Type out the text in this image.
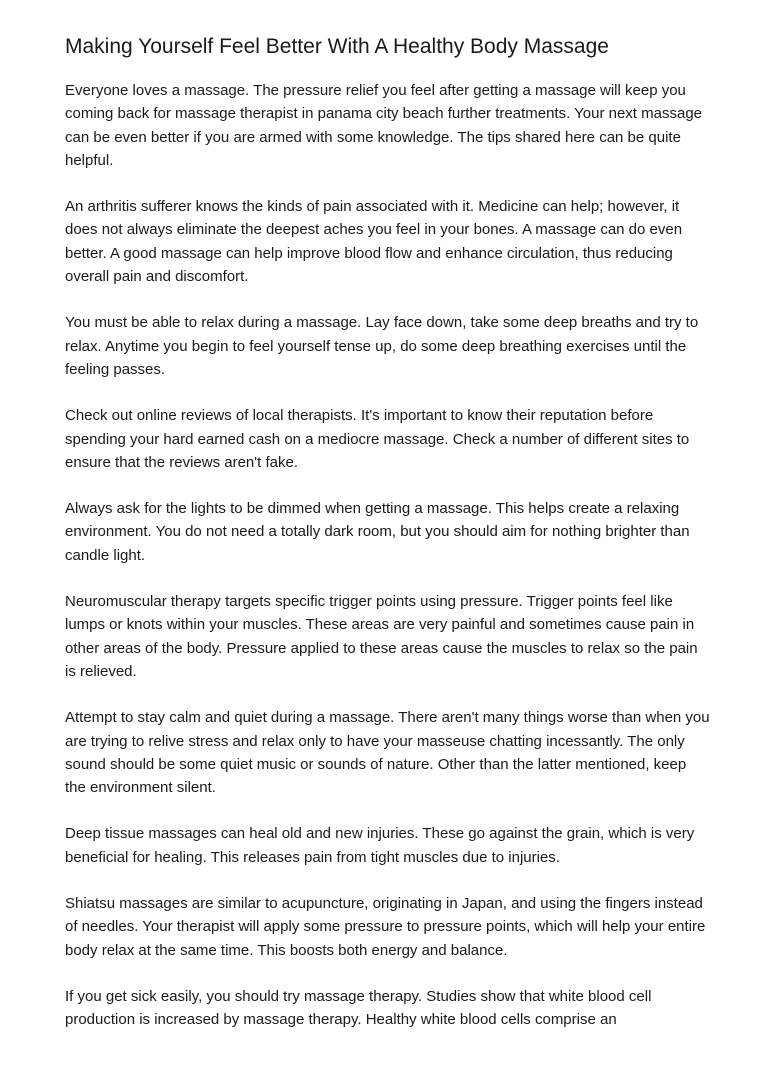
Making Yourself Feel Better With A Healthy Body Massage

Everyone loves a massage. The pressure relief you feel after getting a massage will keep you coming back for massage therapist in panama city beach further treatments. Your next massage can be even better if you are armed with some knowledge. The tips shared here can be quite helpful.

An arthritis sufferer knows the kinds of pain associated with it. Medicine can help; however, it does not always eliminate the deepest aches you feel in your bones. A massage can do even better. A good massage can help improve blood flow and enhance circulation, thus reducing overall pain and discomfort.

You must be able to relax during a massage. Lay face down, take some deep breaths and try to relax. Anytime you begin to feel yourself tense up, do some deep breathing exercises until the feeling passes.

Check out online reviews of local therapists. It's important to know their reputation before spending your hard earned cash on a mediocre massage. Check a number of different sites to ensure that the reviews aren't fake.

Always ask for the lights to be dimmed when getting a massage. This helps create a relaxing environment. You do not need a totally dark room, but you should aim for nothing brighter than candle light.

Neuromuscular therapy targets specific trigger points using pressure. Trigger points feel like lumps or knots within your muscles. These areas are very painful and sometimes cause pain in other areas of the body. Pressure applied to these areas cause the muscles to relax so the pain is relieved.

Attempt to stay calm and quiet during a massage. There aren't many things worse than when you are trying to relive stress and relax only to have your masseuse chatting incessantly. The only sound should be some quiet music or sounds of nature. Other than the latter mentioned, keep the environment silent.

Deep tissue massages can heal old and new injuries. These go against the grain, which is very beneficial for healing. This releases pain from tight muscles due to injuries.

Shiatsu massages are similar to acupuncture, originating in Japan, and using the fingers instead of needles. Your therapist will apply some pressure to pressure points, which will help your entire body relax at the same time. This boosts both energy and balance.

If you get sick easily, you should try massage therapy. Studies show that white blood cell production is increased by massage therapy. Healthy white blood cells comprise an
